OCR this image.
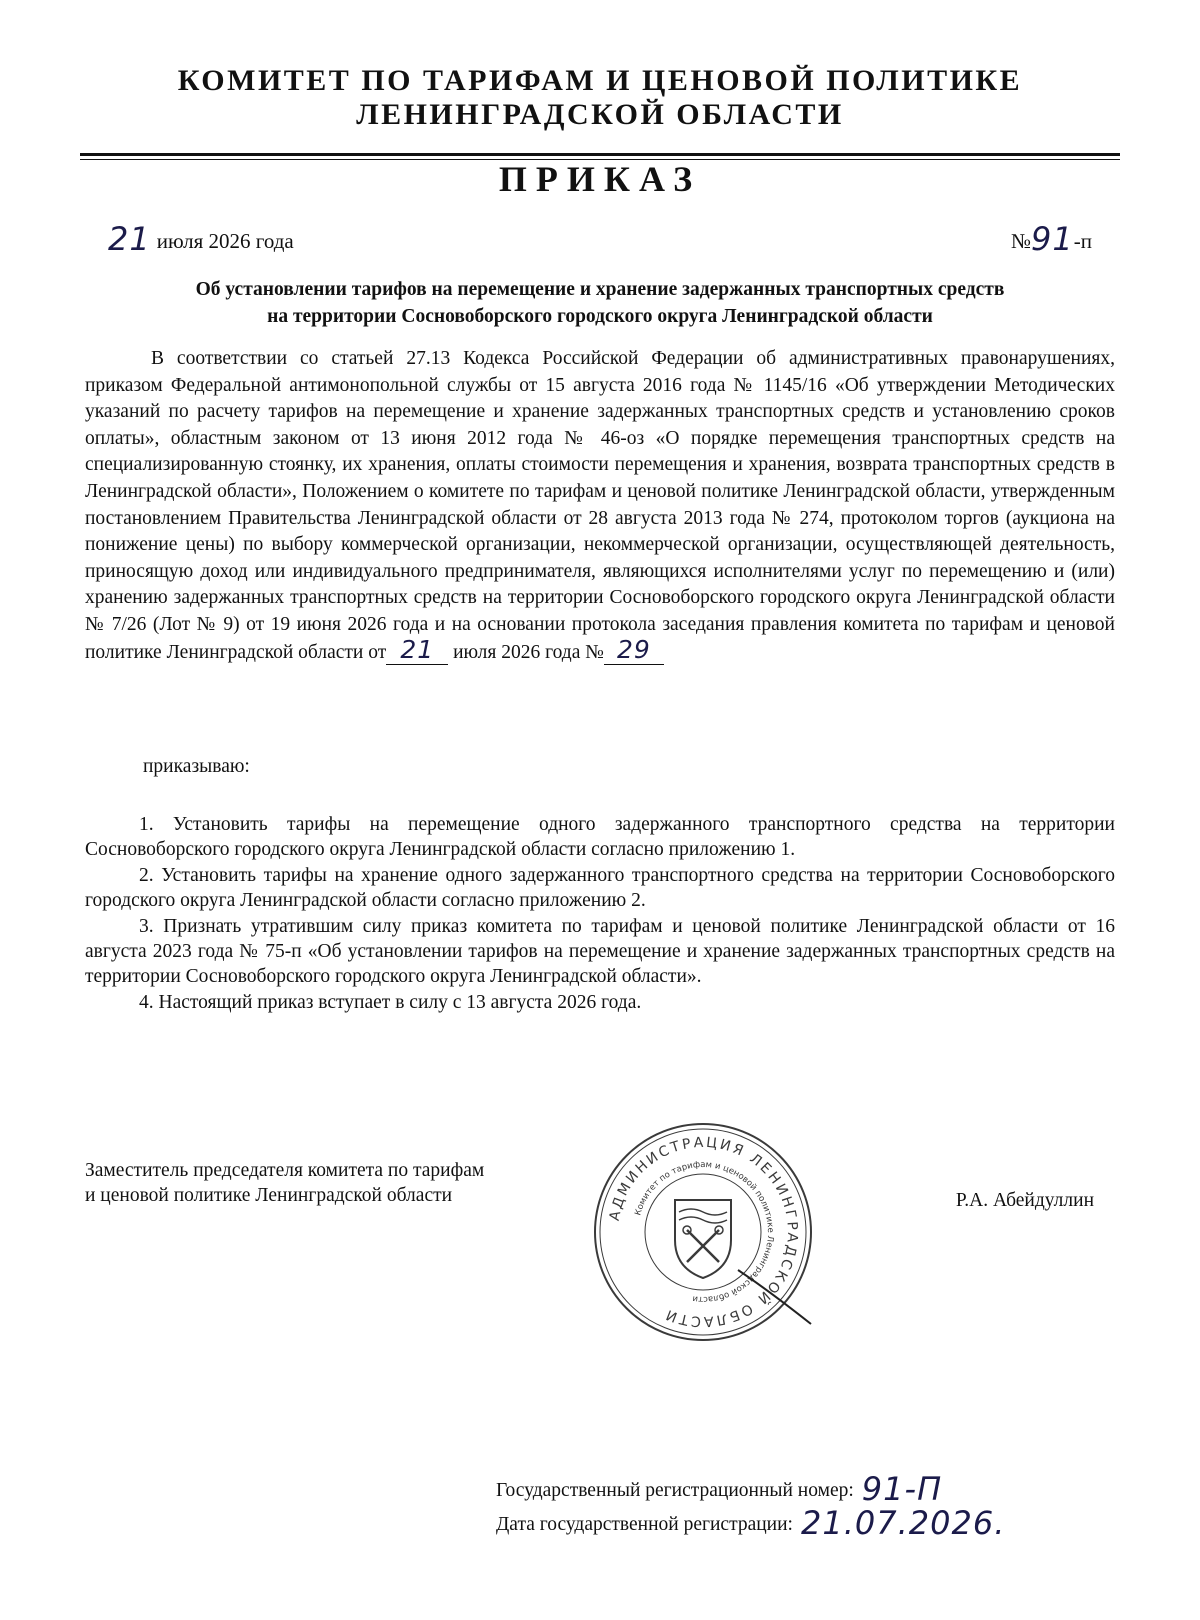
КОМИТЕТ ПО ТАРИФАМ И ЦЕНОВОЙ ПОЛИТИКЕ
ЛЕНИНГРАДСКОЙ ОБЛАСТИ
ПРИКАЗ
21 июля 2026 года	№91-п
Об установлении тарифов на перемещение и хранение задержанных транспортных средств
на территории Сосновоборского городского округа Ленинградской области

В соответствии со статьей 27.13 Кодекса Российской Федерации об административных правонарушениях, приказом Федеральной антимонопольной службы от 15 августа 2016 года № 1145/16 «Об утверждении Методических указаний по расчету тарифов на перемещение и хранение задержанных транспортных средств и установлению сроков оплаты», областным законом от 13 июня 2012 года № 46-оз «О порядке перемещения транспортных средств на специализированную стоянку, их хранения, оплаты стоимости перемещения и хранения, возврата транспортных средств в Ленинградской области», Положением о комитете по тарифам и ценовой политике Ленинградской области, утвержденным постановлением Правительства Ленинградской области от 28 августа 2013 года № 274, протоколом торгов (аукциона на понижение цены) по выбору коммерческой организации, некоммерческой организации, осуществляющей деятельность, приносящую доход или индивидуального предпринимателя, являющихся исполнителями услуг по перемещению и (или) хранению задержанных транспортных средств на территории Сосновоборского городского округа Ленинградской области № 7/26 (Лот № 9) от 19 июня 2026 года и на основании протокола заседания правления комитета по тарифам и ценовой политике Ленинградской области от 21 июля 2026 года № 29

приказываю:

1. Установить тарифы на перемещение одного задержанного транспортного средства на территории Сосновоборского городского округа Ленинградской области согласно приложению 1.

2. Установить тарифы на хранение одного задержанного транспортного средства на территории Сосновоборского городского округа Ленинградской области согласно приложению 2.

3. Признать утратившим силу приказ комитета по тарифам и ценовой политике Ленинградской области от 16 августа 2023 года № 75-п «Об установлении тарифов на перемещение и хранение задержанных транспортных средств на территории Сосновоборского городского округа Ленинградской области».

4. Настоящий приказ вступает в силу с 13 августа 2026 года.

Заместитель председателя комитета по тарифам
и ценовой политике Ленинградской области
АДМИНИСТРАЦИЯ ЛЕНИНГРАДСКОЙ ОБЛАСТИ
Комитет по тарифам и ценовой политике Ленинградской области
Р.А. Абейдуллин
Государственный регистрационный номер: 91-П
Дата государственной регистрации: 21.07.2026.
